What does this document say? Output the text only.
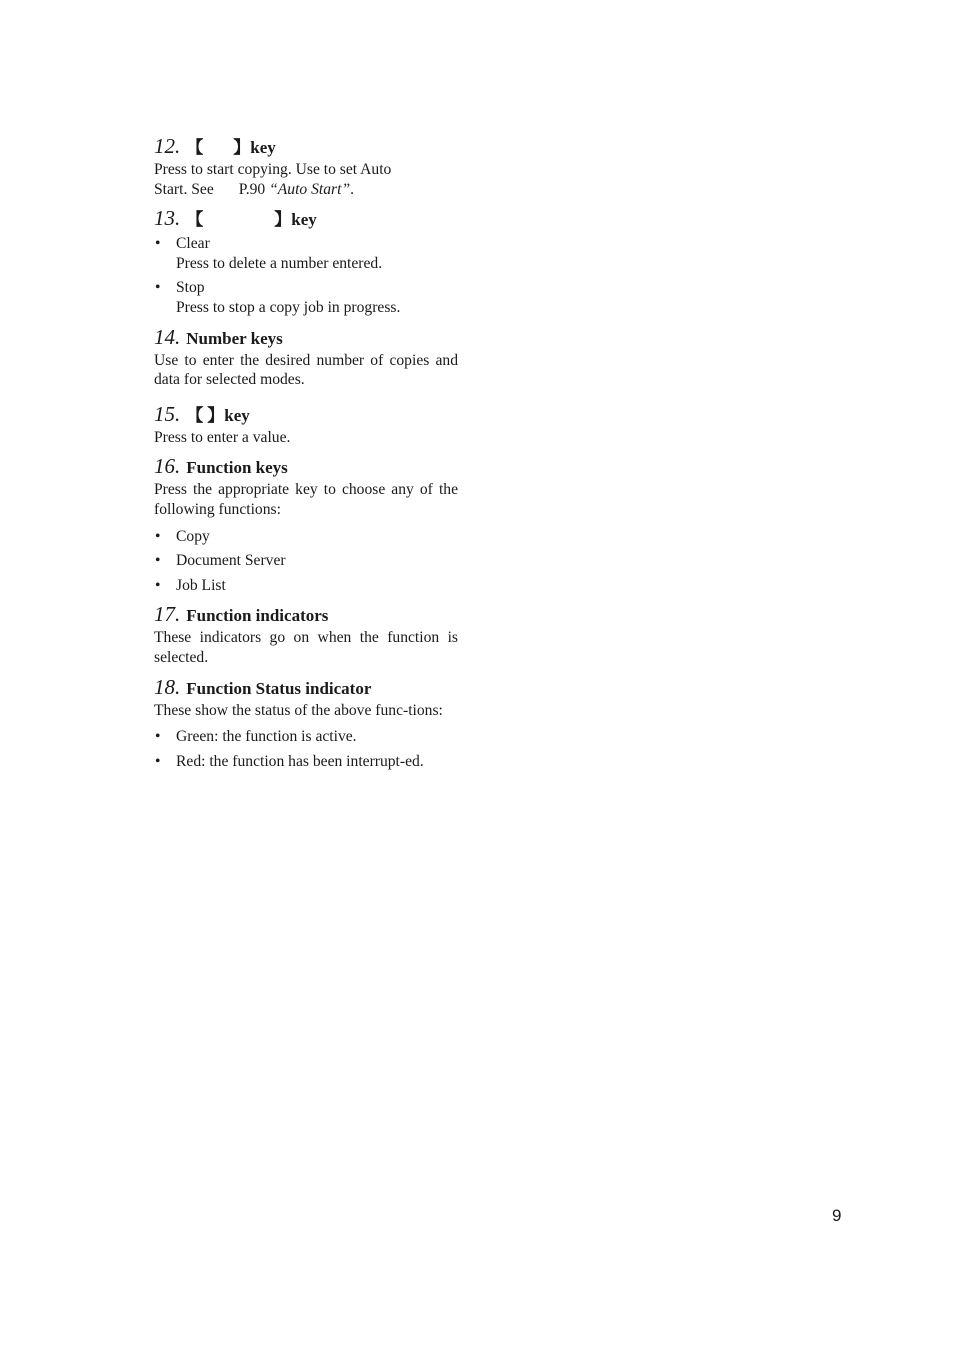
12. 【 】key

Press to start copying. Use to set Auto

Start. See P.90 “Auto Start”.

13. 【	】key
• Clear
Press to delete a number entered.
• Stop
Press to stop a copy job in progress.
14. Number keys

Use to enter the desired number of copies and data for selected modes.

15. 【 】key

Press to enter a value.

16. Function keys

Press the appropriate key to choose any of the following functions:

• Copy
• Document Server
• Job List
17. Function indicators

These indicators go on when the function is selected.

18. Function Status indicator

These show the status of the above func-tions:

• Green: the function is active.
• Red: the function has been interrupt-ed.
9
